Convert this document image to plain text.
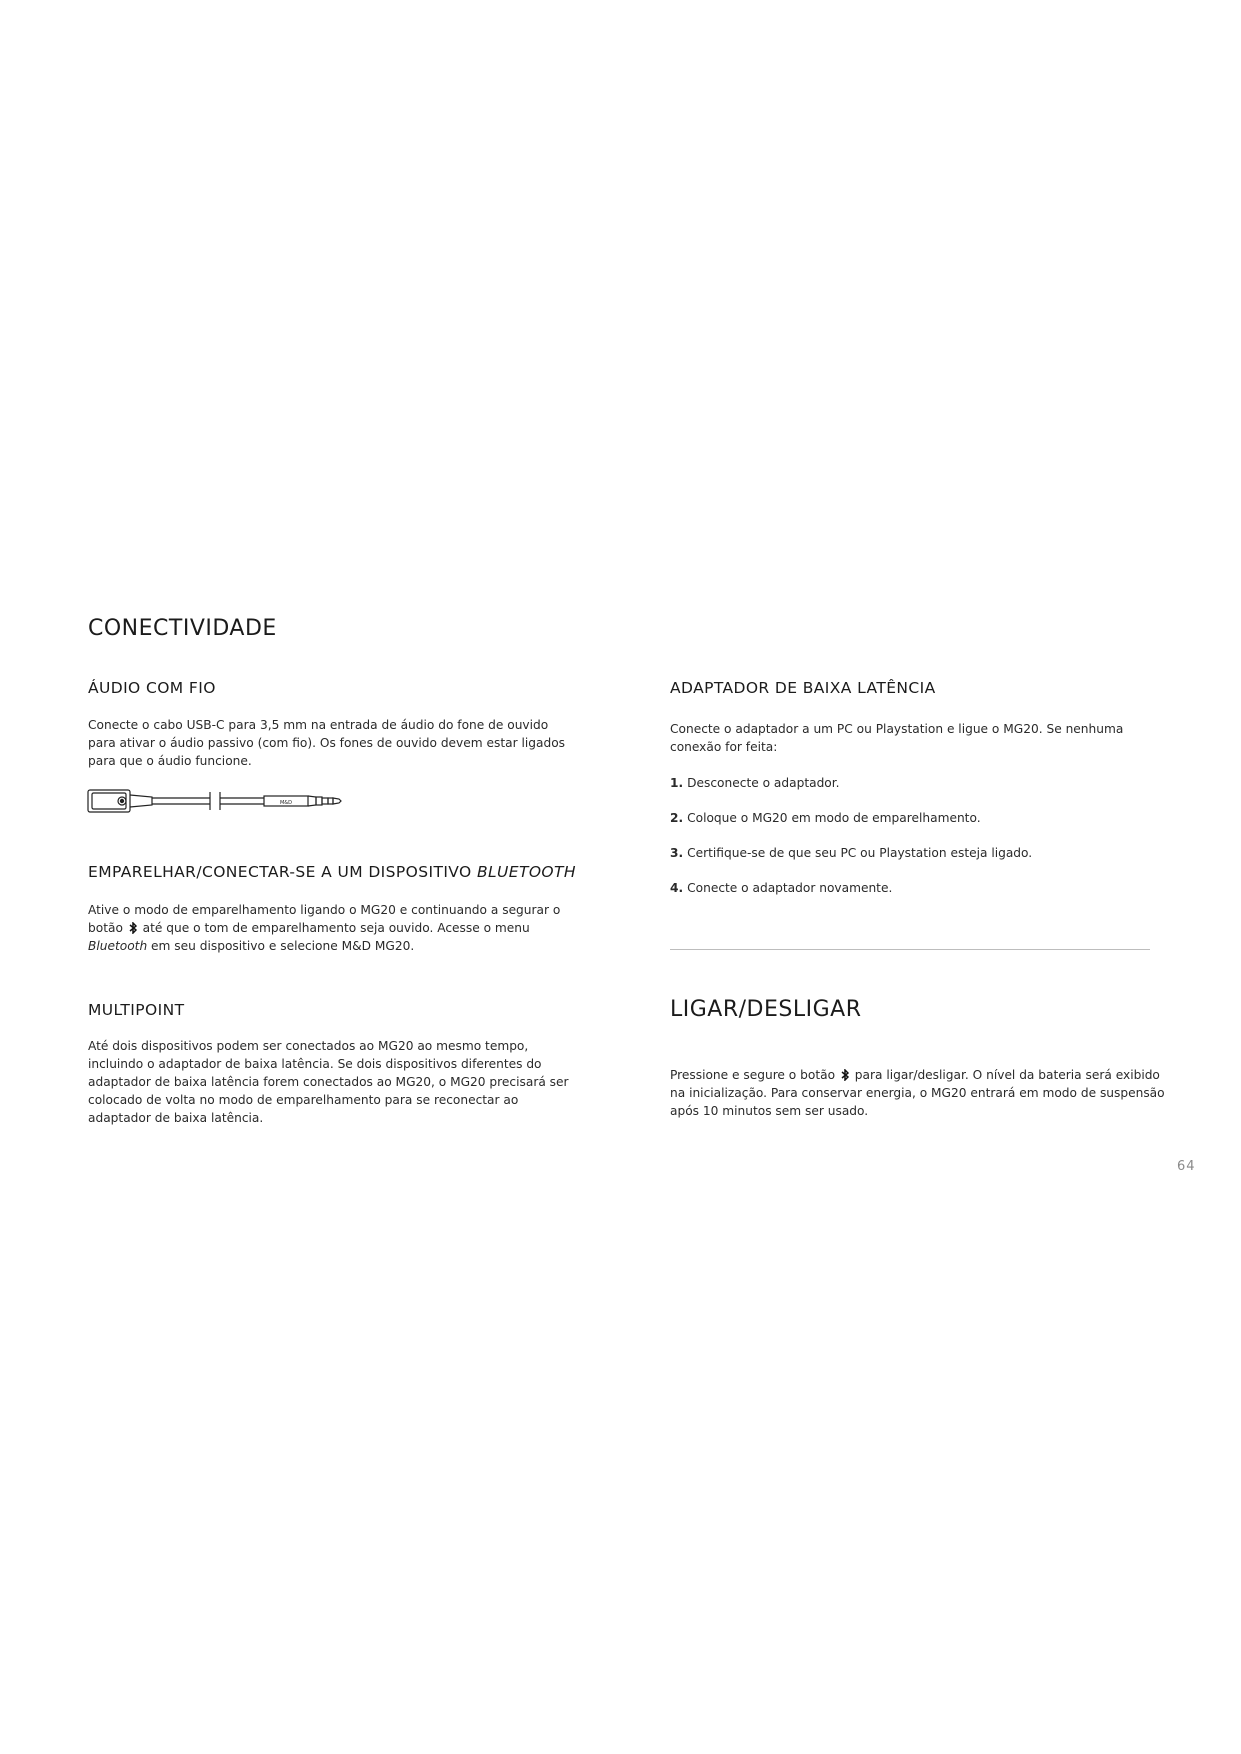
CONECTIVIDADE
ÁUDIO COM FIO

Conecte o cabo USB-C para 3,5 mm na entrada de áudio do fone de ouvido para ativar o áudio passivo (com fio). Os fones de ouvido devem estar ligados para que o áudio funcione.

M&D
EMPARELHAR/CONECTAR-SE A UM DISPOSITIVO BLUETOOTH

Ative o modo de emparelhamento ligando o MG20 e continuando a segurar o botão até que o tom de emparelhamento seja ouvido. Acesse o menu Bluetooth em seu dispositivo e selecione M&D MG20.

MULTIPOINT

Até dois dispositivos podem ser conectados ao MG20 ao mesmo tempo, incluindo o adaptador de baixa latência. Se dois dispositivos diferentes do adaptador de baixa latência forem conectados ao MG20, o MG20 precisará ser colocado de volta no modo de emparelhamento para se reconectar ao adaptador de baixa latência.

ADAPTADOR DE BAIXA LATÊNCIA

Conecte o adaptador a um PC ou Playstation e ligue o MG20. Se nenhuma conexão for feita:

1. Desconecte o adaptador.

2. Coloque o MG20 em modo de emparelhamento.

3. Certifique-se de que seu PC ou Playstation esteja ligado.

4. Conecte o adaptador novamente.

LIGAR/DESLIGAR

Pressione e segure o botão para ligar/desligar. O nível da bateria será exibido na inicialização. Para conservar energia, o MG20 entrará em modo de suspensão após 10 minutos sem ser usado.

64
